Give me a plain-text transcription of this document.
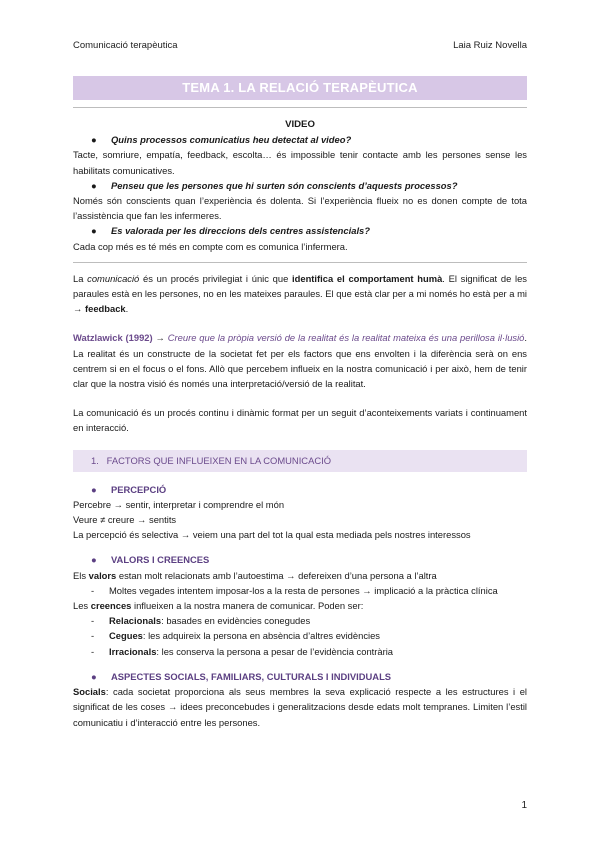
Comunicació terapèutica	Laia Ruiz Novella
TEMA 1. LA RELACIÓ TERAPÈUTICA

VIDEO

● Quins processos comunicatius heu detectat al video?

Tacte, somriure, empatía, feedback, escolta… és impossible tenir contacte amb les persones sense les habilitats comunicatives.

● Penseu que les persones que hi surten són conscients d’aquests processos?

Només són conscients quan l’experiència és dolenta. Si l’experiència flueix no es donen compte de tota l’assistència que fan les infermeres.

● Es valorada per les direccions dels centres assistencials?

Cada cop més es té més en compte com es comunica l’infermera.

La comunicació és un procés privilegiat i únic que identifica el comportament humà. El significat de les paraules està en les persones, no en les mateixes paraules. El que està clar per a mi només ho està per a mi → feedback.

Watzlawick (1992) → Creure que la pròpia versió de la realitat és la realitat mateixa és una perillosa il·lusió. La realitat és un constructe de la societat fet per els factors que ens envolten i la diferència serà on ens centrem si en el focus o el fons. Allò que percebem influeix en la nostra comunicació i per això, hem de tenir clar que la nostra visió és només una interpretació/versió de la realitat.

La comunicació és un procés continu i dinàmic format per un seguit d’aconteixements variats i continuament en interacció.

1. FACTORS QUE INFLUEIXEN EN LA COMUNICACIÓ

● PERCEPCIÓ

Percebre → sentir, interpretar i comprendre el món

Veure ≠ creure → sentits

La percepció és selectiva → veiem una part del tot la qual esta mediada pels nostres interessos

● VALORS I CREENCES

Els valors estan molt relacionats amb l’autoestima → defereixen d’una persona a l’altra

- Moltes vegades intentem imposar-los a la resta de persones → implicació a la pràctica clínica

Les creences influeixen a la nostra manera de comunicar. Poden ser:

- Relacionals: basades en evidències conegudes

- Cegues: les adquireix la persona en absència d’altres evidències

- Irracionals: les conserva la persona a pesar de l’evidència contrària

● ASPECTES SOCIALS, FAMILIARS, CULTURALS I INDIVIDUALS

Socials: cada societat proporciona als seus membres la seva explicació respecte a les estructures i el significat de les coses → idees preconcebudes i generalitzacions desde edats molt tempranes. Limiten l’estil comunicatiu i d’interacció entre les persones.

1
